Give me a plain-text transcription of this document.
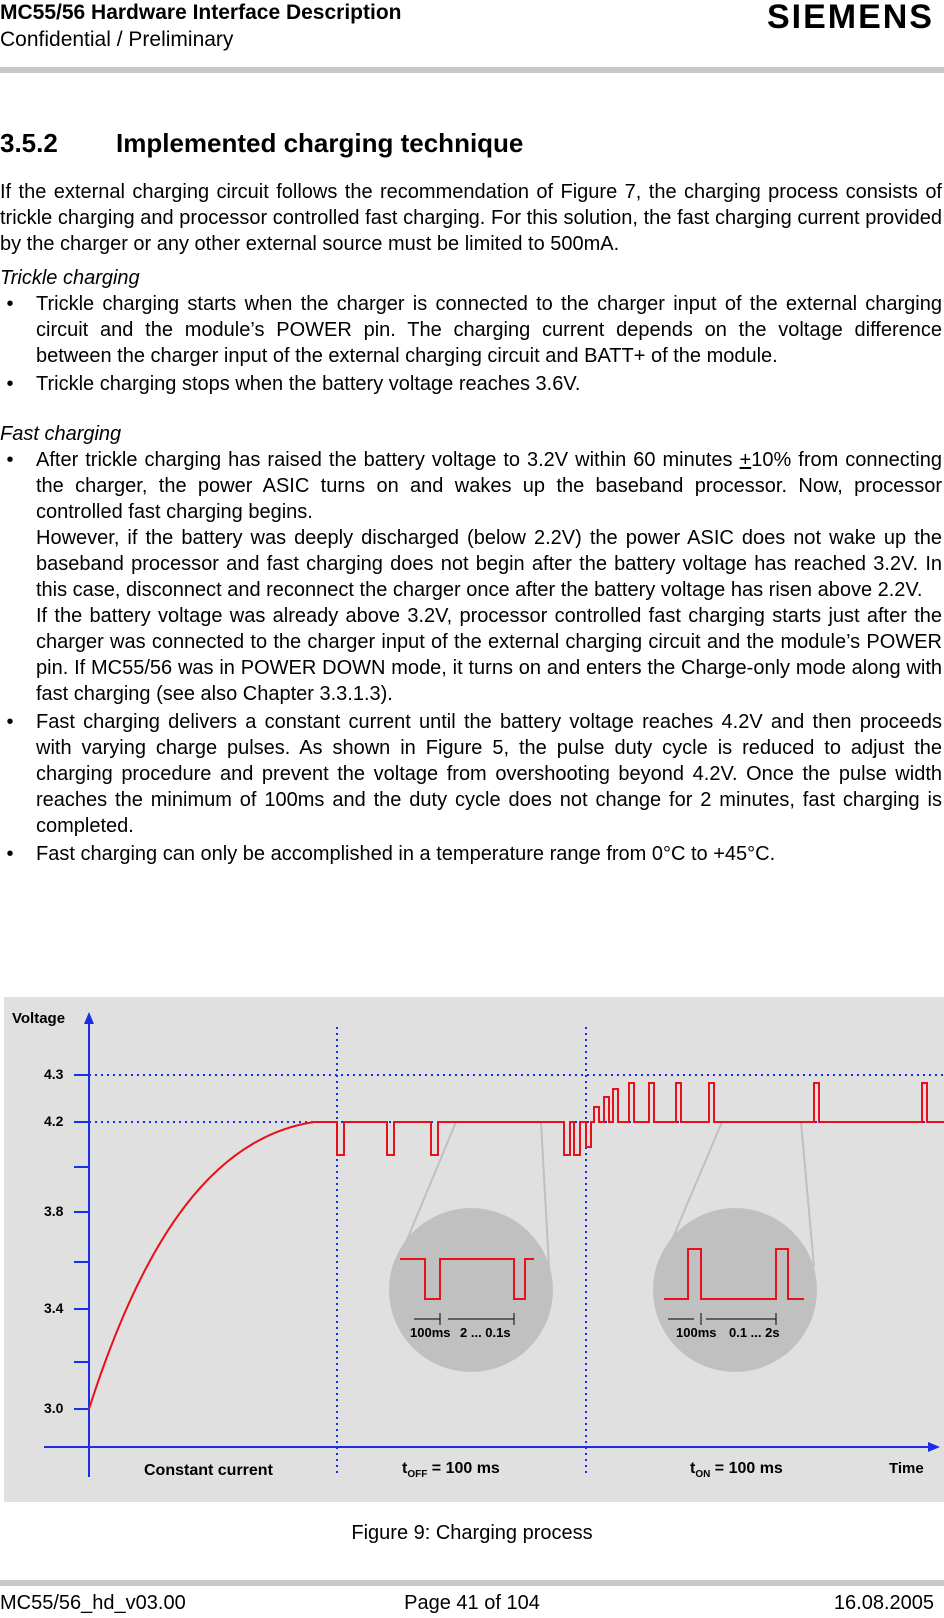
MC55/56 Hardware Interface Description
Confidential / Preliminary
SIEMENS
3.5.2 Implemented charging technique

If the external charging circuit follows the recommendation of Figure 7, the charging process consists of trickle charging and processor controlled fast charging. For this solution, the fast charging current provided by the charger or any other external source must be limited to 500mA.

Trickle charging

•	Trickle charging starts when the charger is connected to the charger input of the external charging circuit and the module’s POWER pin. The charging current depends on the voltage difference between the charger input of the external charging circuit and BATT+ of the module.
•	Trickle charging stops when the battery voltage reaches 3.6V.

Fast charging

•	After trickle charging has raised the battery voltage to 3.2V within 60 minutes +10% from connecting the charger, the power ASIC turns on and wakes up the baseband processor. Now, processor controlled fast charging begins.
However, if the battery was deeply discharged (below 2.2V) the power ASIC does not wake up the baseband processor and fast charging does not begin after the battery voltage has reached 3.2V. In this case, disconnect and reconnect the charger once after the battery voltage has risen above 2.2V.
If the battery voltage was already above 3.2V, processor controlled fast charging starts just after the charger was connected to the charger input of the external charging circuit and the module’s POWER pin. If MC55/56 was in POWER DOWN mode, it turns on and enters the Charge-only mode along with fast charging (see also Chapter 3.3.1.3).
•	Fast charging delivers a constant current until the battery voltage reaches 4.2V and then proceeds with varying charge pulses. As shown in Figure 5, the pulse duty cycle is reduced to adjust the charging procedure and prevent the voltage from overshooting beyond 4.2V. Once the pulse width reaches the minimum of 100ms and the duty cycle does not change for 2 minutes, fast charging is completed.
•	Fast charging can only be accomplished in a temperature range from 0°C to +45°C.
100ms 2 ... 0.1s	100ms 0.1 ... 2s
4.3
4.2
3.8
3.4
3.0
Voltage
Time
Constant current	$t_{OFF} = 100$ ms	$t_{ON} = 100$ ms
Figure 9: Charging process
MC55/56_hd_v03.00	Page 41 of 104	16.08.2005
